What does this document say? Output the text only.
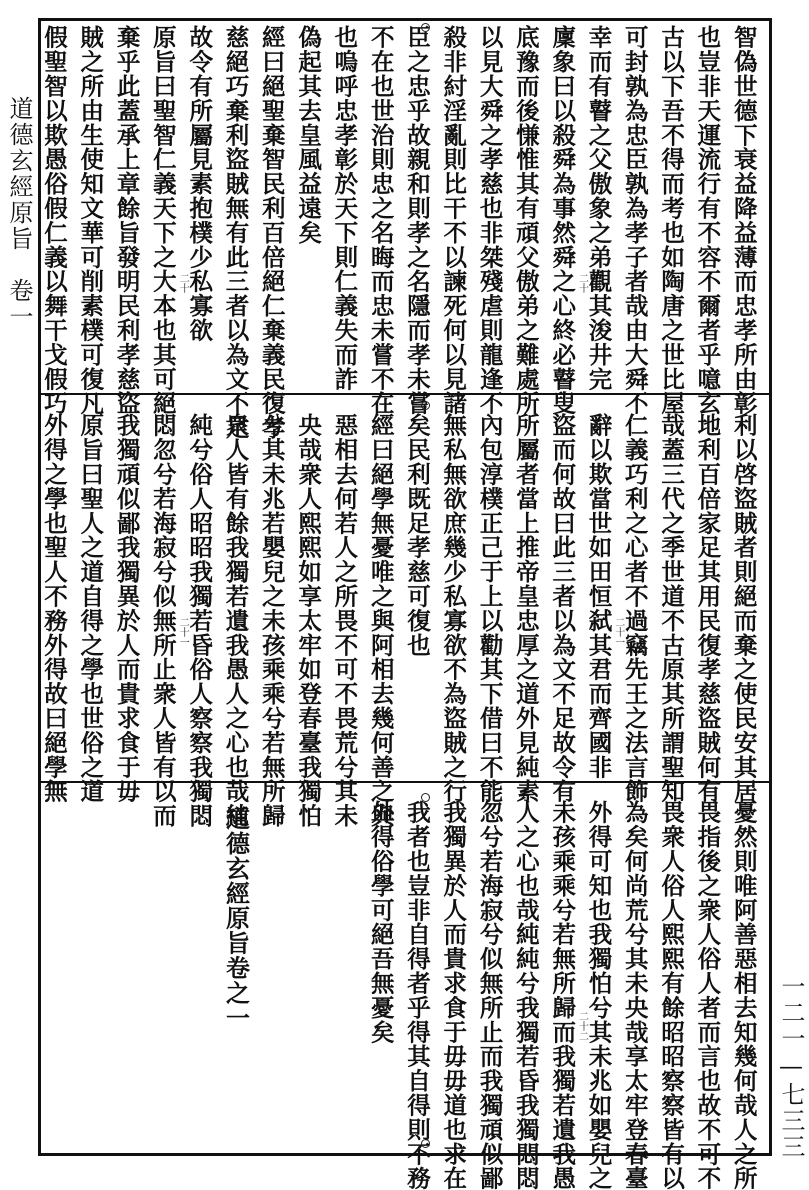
智偽世德下衰益降益薄而忠孝所由彰
也豈非天運流行有不容不爾者乎噫玄
古以下吾不得而考也如陶唐之世比屋
可封孰為忠臣孰為孝子者哉由大舜不
幸而有瞽之父傲象之弟觀其浚井完
廩象曰以殺舜為事然舜之心終必瞽叟
底豫而後慊惟其有頑父傲弟之難處所
以見大舜之孝慈也非桀殘虐則龍逢不
殺非紂淫亂則比干不以諫死何以見諸
臣之忠乎故親和則孝之名隱而孝未嘗
不在也世治則忠之名晦而忠未嘗不在
也嗚呼忠孝彰於天下則仁義失而詐
偽起其去皇風益遠矣
經曰絕聖棄智民利百倍絕仁棄義民復孝
慈絕巧棄利盜賊無有此三者以為文不足
故令有所屬見素抱樸少私寡欲
原旨曰聖智仁義天下之大本也其可絕
棄乎此蓋承上章餘旨發明民利孝慈盜
賊之所由生使知文華可削素樸可復凡
假聖智以欺愚俗假仁義以舞干戈假巧	二十
二十
利以啓盜賊者則絕而棄之使民安其居
地利百倍家足其用民復孝慈盜賊何有
哉蓋三代之季世道不古原其所謂聖知
仁義巧利之心者不過竊先王之法言飾
辭以欺當世如田恒弑其君而齊國非
盜而何故曰此三者以為文不足故令有
所屬者當上推帝皇忠厚之道外見純素
內包淳樸正己于上以勸其下借曰不能
無私無欲庶幾少私寡欲不為盜賊之行
矣民利既足孝慈可復也
經曰絕學無憂唯之與阿相去幾何善之與
惡相去何若人之所畏不可不畏荒兮其未
央哉衆人熙熙如享太牢如登春臺我獨怕
兮其未兆若嬰兒之未孩乘乘兮若無所歸
衆人皆有餘我獨若遺我愚人之心也哉純
純兮俗人昭昭我獨若昏俗人察察我獨悶
悶忽兮若海寂兮似無所止衆人皆有以而
我獨頑似鄙我獨異於人而貴求食于毋
原旨曰聖人之道自得之學也世俗之道
外得之學也聖人不務外得故曰絕學無	二十一
二十一
憂然則唯阿善惡相去知幾何哉人之所
畏指後之衆人俗人者而言也故不可不
畏衆人俗人熙熙有餘昭昭察察皆有以
為矣何尚荒兮其未央哉享太牢登春臺
外得可知也我獨怕兮其未兆如嬰兒之
未孩乘乘兮若無所歸而我獨若遺我愚
人之心也哉純純兮我獨若昏我獨悶悶
忽兮若海寂兮似無所止而我獨頑似鄙
我獨異於人而貴求食于毋毋道也求在
我者也豈非自得者乎得其自得則不務
外得俗學可絕吾無憂矣
道德玄經原旨卷之一	二十二
道德玄經原旨　卷一
一二一—七三三
